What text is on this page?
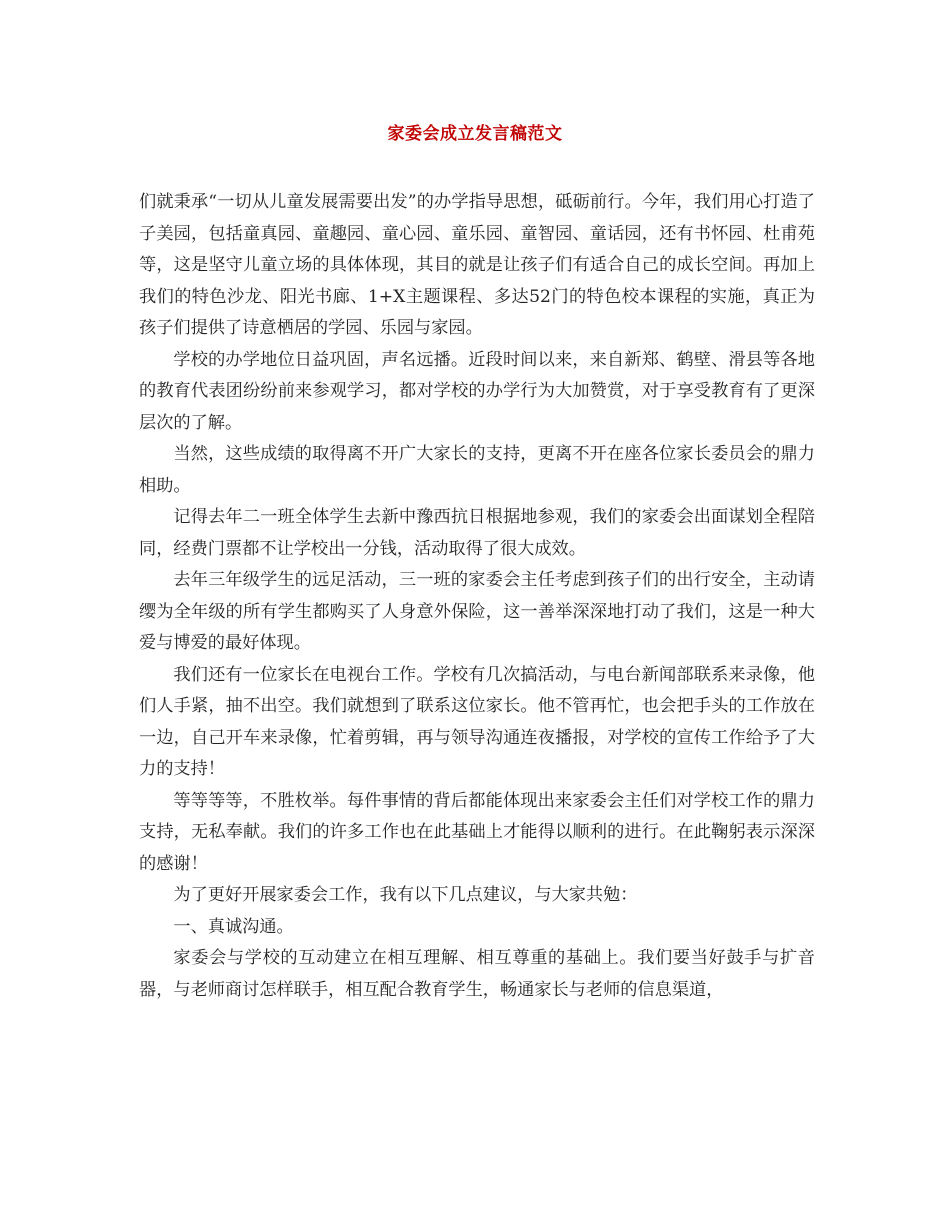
家委会成立发言稿范文

们就秉承“一切从儿童发展需要出发”的办学指导思想，砥砺前行。今年，我们用心打造了子美园，包括童真园、童趣园、童心园、童乐园、童智园、童话园，还有书怀园、杜甫苑等，这是坚守儿童立场的具体体现，其目的就是让孩子们有适合自己的成长空间。再加上我们的特色沙龙、阳光书廊、1+X主题课程、多达52门的特色校本课程的实施，真正为孩子们提供了诗意栖居的学园、乐园与家园。

学校的办学地位日益巩固，声名远播。近段时间以来，来自新郑、鹤壁、滑县等各地的教育代表团纷纷前来参观学习，都对学校的办学行为大加赞赏，对于享受教育有了更深层次的了解。

当然，这些成绩的取得离不开广大家长的支持，更离不开在座各位家长委员会的鼎力相助。

记得去年二一班全体学生去新中豫西抗日根据地参观，我们的家委会出面谋划全程陪同，经费门票都不让学校出一分钱，活动取得了很大成效。

去年三年级学生的远足活动，三一班的家委会主任考虑到孩子们的出行安全，主动请缨为全年级的所有学生都购买了人身意外保险，这一善举深深地打动了我们，这是一种大爱与博爱的最好体现。

我们还有一位家长在电视台工作。学校有几次搞活动，与电台新闻部联系来录像，他们人手紧，抽不出空。我们就想到了联系这位家长。他不管再忙，也会把手头的工作放在一边，自己开车来录像，忙着剪辑，再与领导沟通连夜播报，对学校的宣传工作给予了大力的支持！

等等等等，不胜枚举。每件事情的背后都能体现出来家委会主任们对学校工作的鼎力支持，无私奉献。我们的许多工作也在此基础上才能得以顺利的进行。在此鞠躬表示深深的感谢！

为了更好开展家委会工作，我有以下几点建议，与大家共勉：

一、真诚沟通。

家委会与学校的互动建立在相互理解、相互尊重的基础上。我们要当好鼓手与扩音器，与老师商讨怎样联手，相互配合教育学生，畅通家长与老师的信息渠道，
